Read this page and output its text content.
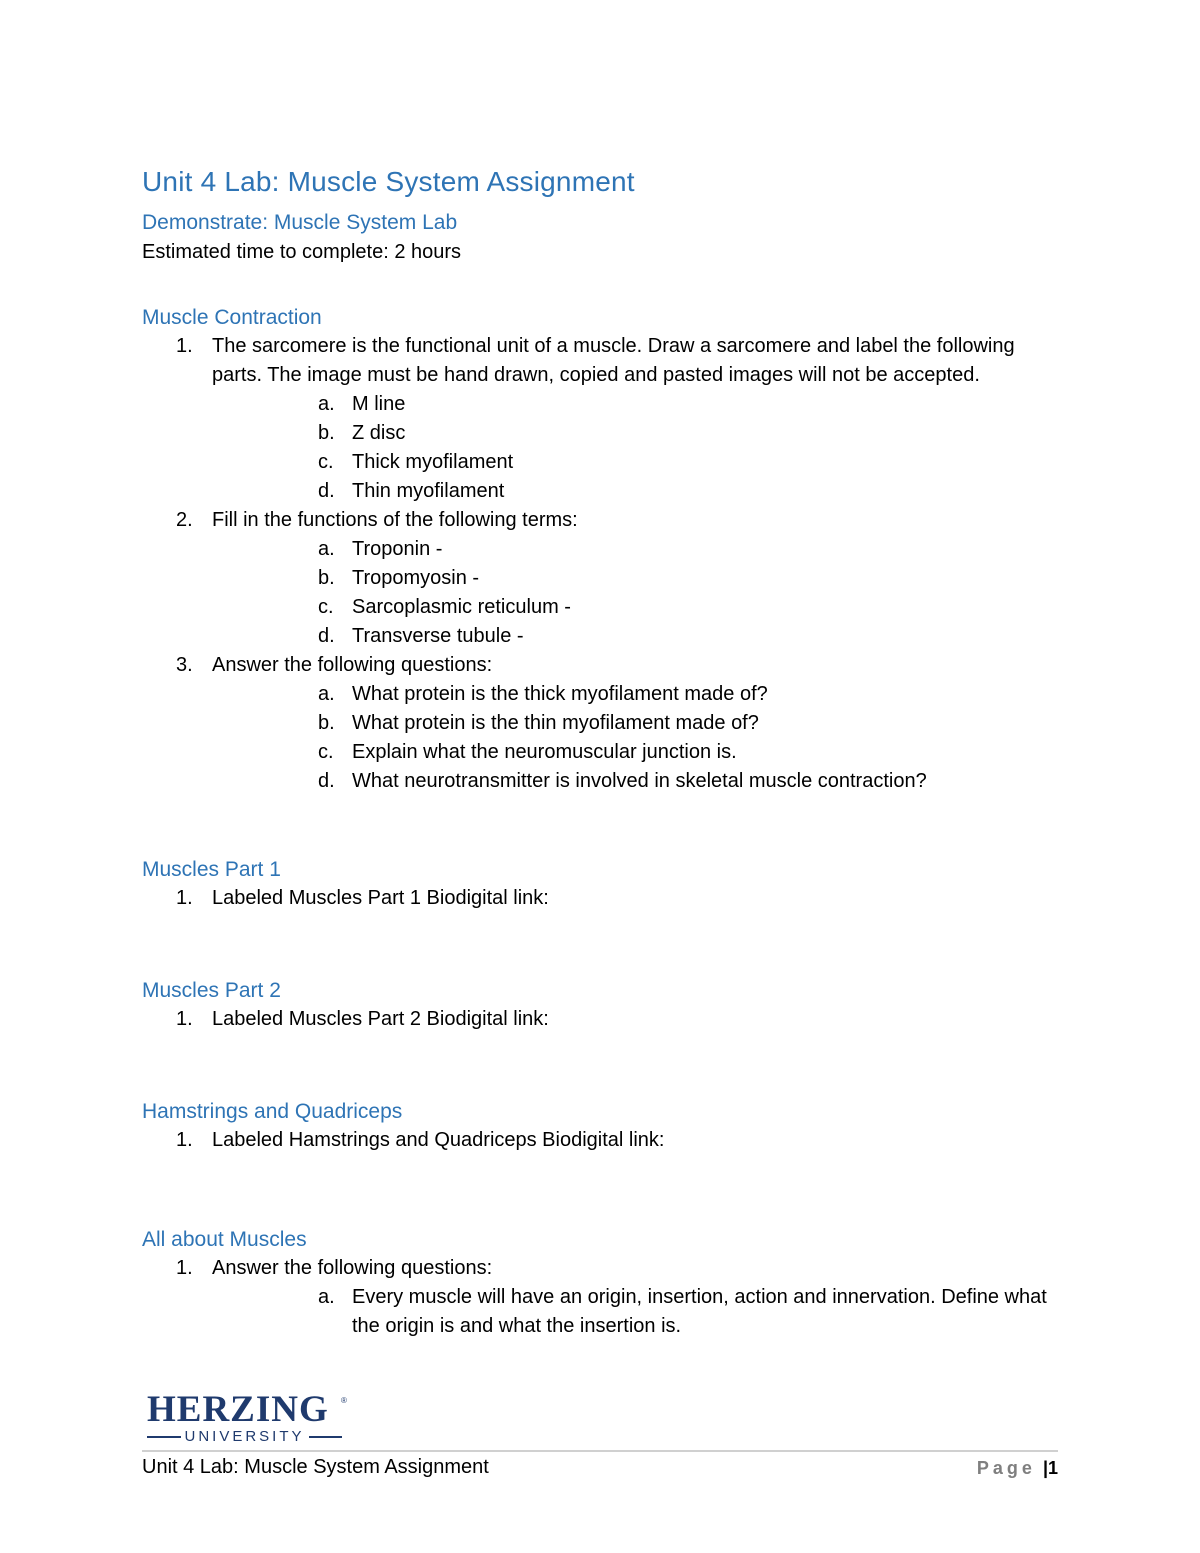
Unit 4 Lab: Muscle System Assignment
Demonstrate: Muscle System Lab

Estimated time to complete: 2 hours

Muscle Contraction
1. The sarcomere is the functional unit of a muscle. Draw a sarcomere and label the following parts. The image must be hand drawn, copied and pasted images will not be accepted.
a. M line
b. Z disc
c. Thick myofilament
d. Thin myofilament
2. Fill in the functions of the following terms:
a. Troponin -
b. Tropomyosin -
c. Sarcoplasmic reticulum -
d. Transverse tubule -
3. Answer the following questions:
a. What protein is the thick myofilament made of?
b. What protein is the thin myofilament made of?
c. Explain what the neuromuscular junction is.
d. What neurotransmitter is involved in skeletal muscle contraction?
Muscles Part 1
1. Labeled Muscles Part 1 Biodigital link:
Muscles Part 2
1. Labeled Muscles Part 2 Biodigital link:
Hamstrings and Quadriceps
1. Labeled Hamstrings and Quadriceps Biodigital link:
All about Muscles
1. Answer the following questions:
a. Every muscle will have an origin, insertion, action and innervation. Define what the origin is and what the insertion is.
HERZING ®
UNIVERSITY
Unit 4 Lab: Muscle System Assignment	Page |1
